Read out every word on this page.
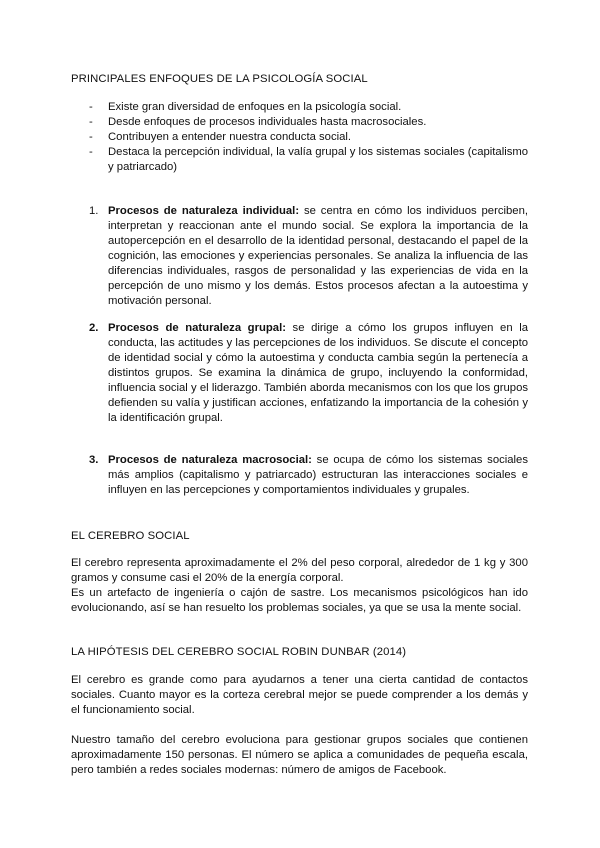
PRINCIPALES ENFOQUES DE LA PSICOLOGÍA SOCIAL
- Existe gran diversidad de enfoques en la psicología social.
- Desde enfoques de procesos individuales hasta macrosociales.
- Contribuyen a entender nuestra conducta social.
- Destaca la percepción individual, la valía grupal y los sistemas sociales (capitalismo y patriarcado)
1. Procesos de naturaleza individual: se centra en cómo los individuos perciben, interpretan y reaccionan ante el mundo social. Se explora la importancia de la autopercepción en el desarrollo de la identidad personal, destacando el papel de la cognición, las emociones y experiencias personales. Se analiza la influencia de las diferencias individuales, rasgos de personalidad y las experiencias de vida en la percepción de uno mismo y los demás. Estos procesos afectan a la autoestima y motivación personal.
2. Procesos de naturaleza grupal: se dirige a cómo los grupos influyen en la conducta, las actitudes y las percepciones de los individuos. Se discute el concepto de identidad social y cómo la autoestima y conducta cambia según la pertenecía a distintos grupos. Se examina la dinámica de grupo, incluyendo la conformidad, influencia social y el liderazgo. También aborda mecanismos con los que los grupos defienden su valía y justifican acciones, enfatizando la importancia de la cohesión y la identificación grupal.
3. Procesos de naturaleza macrosocial: se ocupa de cómo los sistemas sociales más amplios (capitalismo y patriarcado) estructuran las interacciones sociales e influyen en las percepciones y comportamientos individuales y grupales.
EL CEREBRO SOCIAL

El cerebro representa aproximadamente el 2% del peso corporal, alrededor de 1 kg y 300 gramos y consume casi el 20% de la energía corporal.

Es un artefacto de ingeniería o cajón de sastre. Los mecanismos psicológicos han ido evolucionando, así se han resuelto los problemas sociales, ya que se usa la mente social.

LA HIPÓTESIS DEL CEREBRO SOCIAL ROBIN DUNBAR (2014)

El cerebro es grande como para ayudarnos a tener una cierta cantidad de contactos sociales. Cuanto mayor es la corteza cerebral mejor se puede comprender a los demás y el funcionamiento social.

Nuestro tamaño del cerebro evoluciona para gestionar grupos sociales que contienen aproximadamente 150 personas. El número se aplica a comunidades de pequeña escala, pero también a redes sociales modernas: número de amigos de Facebook.
